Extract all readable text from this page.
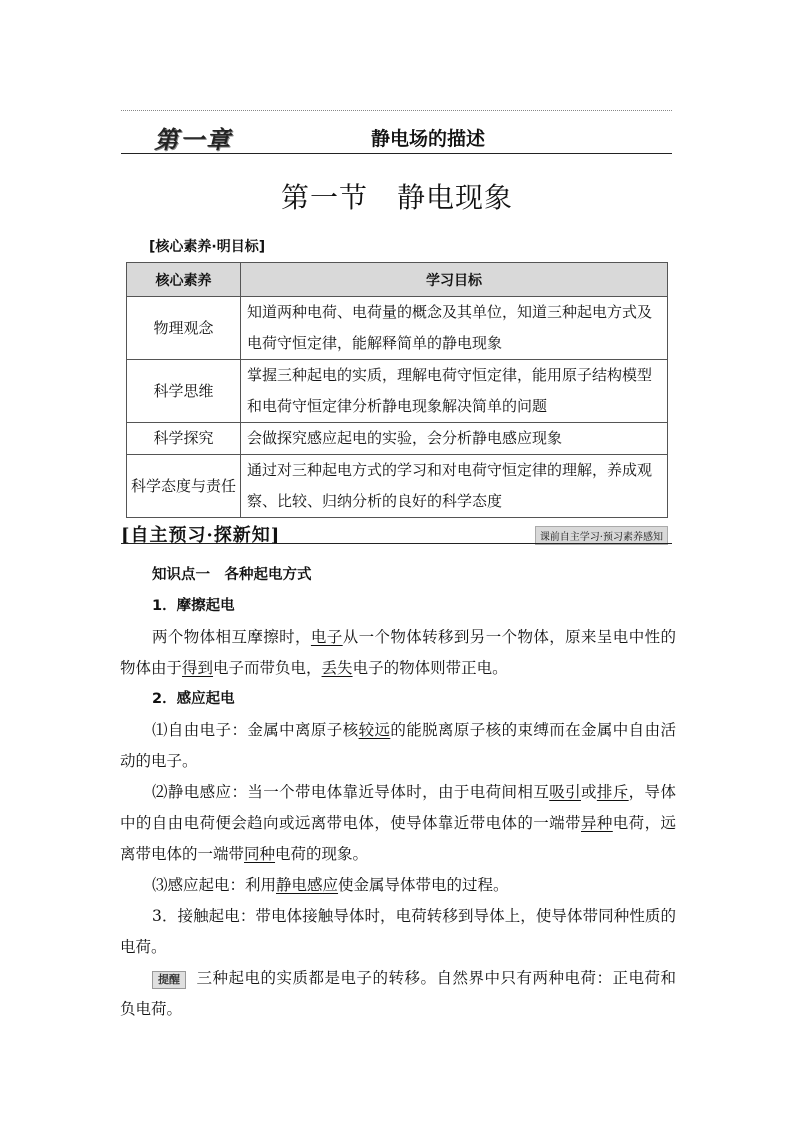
第一章	静电场的描述
第一节　静电现象
[核心素养·明目标]
核心素养	学习目标
物理观念	知道两种电荷、电荷量的概念及其单位，知道三种起电方式及电荷守恒定律，能解释简单的静电现象
科学思维	掌握三种起电的实质，理解电荷守恒定律，能用原子结构模型和电荷守恒定律分析静电现象解决简单的问题
科学探究	会做探究感应起电的实验，会分析静电感应现象
科学态度与责任	通过对三种起电方式的学习和对电荷守恒定律的理解，养成观察、比较、归纳分析的良好的科学态度
[自主预习·探新知]	课前自主学习·预习素养感知
知识点一　各种起电方式
1．摩擦起电
两个物体相互摩擦时，电子从一个物体转移到另一个物体，原来呈电中性的物体由于得到电子而带负电，丢失电子的物体则带正电。
2．感应起电
⑴自由电子：金属中离原子核较远的能脱离原子核的束缚而在金属中自由活动的电子。
⑵静电感应：当一个带电体靠近导体时，由于电荷间相互吸引或排斥，导体中的自由电荷便会趋向或远离带电体，使导体靠近带电体的一端带异种电荷，远离带电体的一端带同种电荷的现象。
⑶感应起电：利用静电感应使金属导体带电的过程。
3．接触起电：带电体接触导体时，电荷转移到导体上，使导体带同种性质的电荷。
提醒 三种起电的实质都是电子的转移。自然界中只有两种电荷：正电荷和负电荷。
